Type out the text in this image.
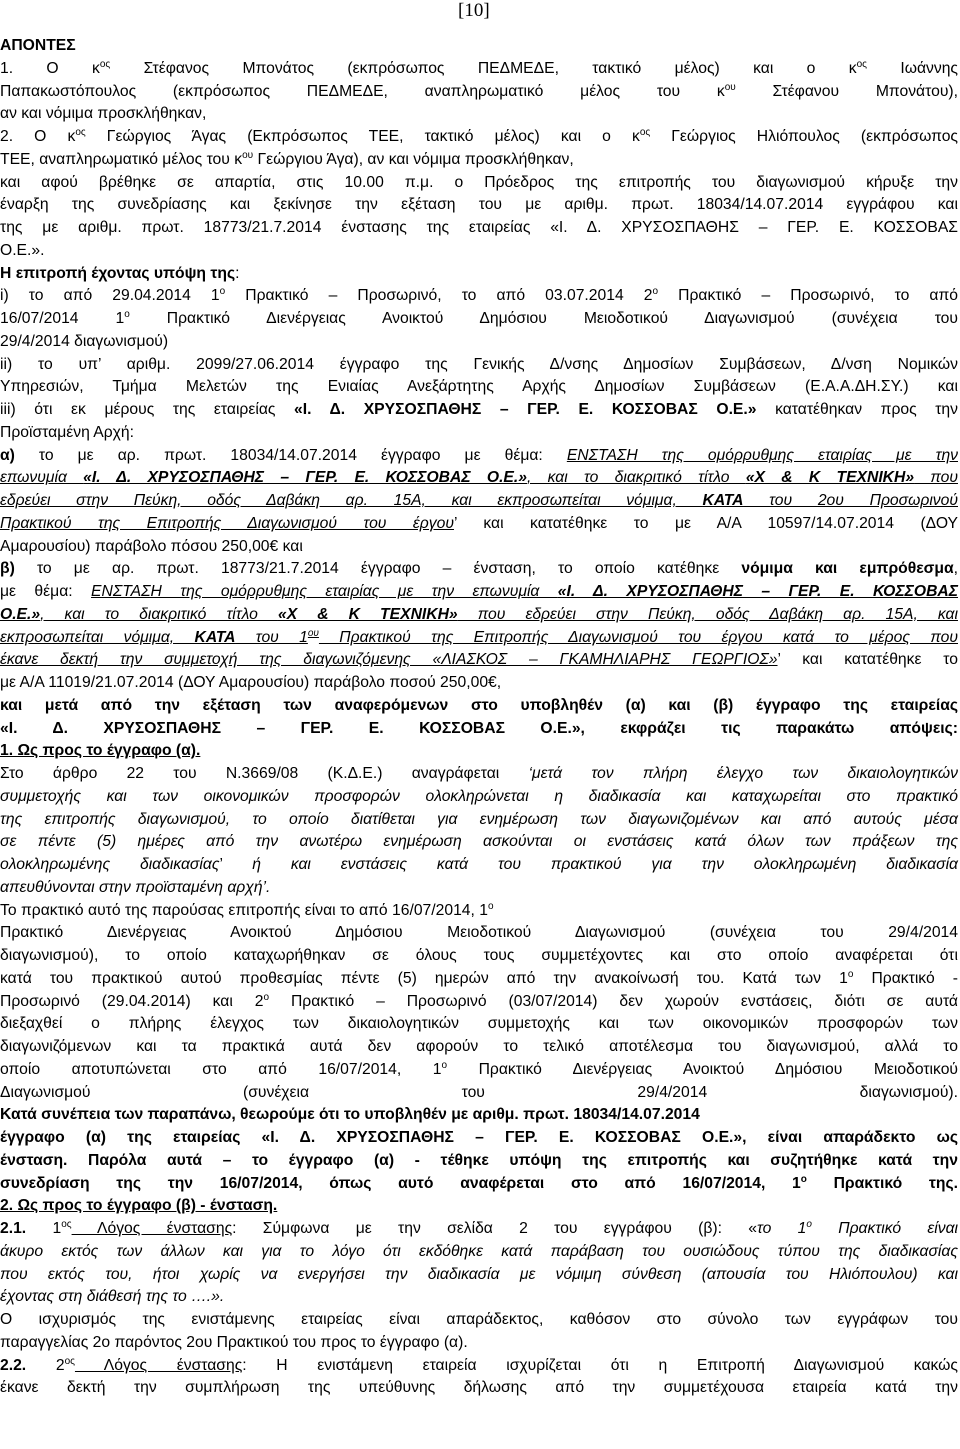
[10]
ΑΠΟΝΤΕΣ
1. Ο $\kappa^{o\varsigma}$ Στέφανος Μπονάτος (εκπρόσωπος ΠΕΔΜΕΔΕ, τακτικό μέλος) και ο $\kappa^{o\varsigma}$ Ιωάννης
Παπακωστόπουλος (εκπρόσωπος ΠΕΔΜΕΔΕ, αναπληρωματικό μέλος του $\kappa^{o\upsilon}$ Στέφανου Μπονάτου),
αν και νόμιμα προσκλήθηκαν,
2. Ο $\kappa^{o\varsigma}$ Γεώργιος Άγας (Εκπρόσωπος ΤΕΕ, τακτικό μέλος) και ο $\kappa^{o\varsigma}$ Γεώργιος Ηλιόπουλος (εκπρόσωπος
ΤΕΕ, αναπληρωματικό μέλος του $\kappa^{o\upsilon}$ Γεώργιου Άγα), αν και νόμιμα προσκλήθηκαν,
και αφού βρέθηκε σε απαρτία, στις 10.00 π.μ. ο Πρόεδρος της επιτροπής του διαγωνισμού κήρυξε την
έναρξη της συνεδρίασης και ξεκίνησε την εξέταση του με αριθμ. πρωτ. 18034/14.07.2014 εγγράφου και
της με αριθμ. πρωτ. 18773/21.7.2014 ένστασης της εταιρείας «Ι. Δ. ΧΡΥΣΟΣΠΑΘΗΣ – ΓΕΡ. Ε. ΚΟΣΣΟΒΑΣ
Ο.Ε.».
Η επιτροπή έχοντας υπόψη της:
i) το από 29.04.2014 $1^o$ Πρακτικό – Προσωρινό, το από 03.07.2014 $2^o$ Πρακτικό – Προσωρινό, το από
16/07/2014 $1^o$ Πρακτικό Διενέργειας Ανοικτού Δημόσιου Μειοδοτικού Διαγωνισμού (συνέχεια του
29/4/2014 διαγωνισμού)
ii) το υπ’ αριθμ. 2099/27.06.2014 έγγραφο της Γενικής Δ/νσης Δημοσίων Συμβάσεων, Δ/νση Νομικών
Υπηρεσιών, Τμήμα Μελετών της Ενιαίας Ανεξάρτητης Αρχής Δημοσίων Συμβάσεων (Ε.Α.Α.ΔΗ.ΣΥ.) και
iii) ότι εκ μέρους της εταιρείας «Ι. Δ. ΧΡΥΣΟΣΠΑΘΗΣ – ΓΕΡ. Ε. ΚΟΣΣΟΒΑΣ Ο.Ε.» κατατέθηκαν προς την
Προϊσταμένη Αρχή:
α) το με αρ. πρωτ. 18034/14.07.2014 έγγραφο με θέμα: ΕΝΣΤΑΣΗ της ομόρρυθμης εταιρίας με την
επωνυμία «Ι. Δ. ΧΡΥΣΟΣΠΑΘΗΣ – ΓΕΡ. Ε. ΚΟΣΣΟΒΑΣ Ο.Ε.», και το διακριτικό τίτλο «Χ & Κ ΤΕΧΝΙΚΗ» που
εδρεύει στην Πεύκη, οδός Δαβάκη αρ. 15Α, και εκπροσωπείται νόμιμα, ΚΑΤΑ του 2ου Προσωρινού
Πρακτικού της Επιτροπής Διαγωνισμού του έργου’ και κατατέθηκε το με Α/Α 10597/14.07.2014 (ΔΟΥ
Αμαρουσίου) παράβολο πόσου 250,00€ και
β) το με αρ. πρωτ. 18773/21.7.2014 έγγραφο – ένσταση, το οποίο κατέθηκε νόμιμα και εμπρόθεσμα,
με θέμα: ΕΝΣΤΑΣΗ της ομόρρυθμης εταιρίας με την επωνυμία «Ι. Δ. ΧΡΥΣΟΣΠΑΘΗΣ – ΓΕΡ. Ε. ΚΟΣΣΟΒΑΣ
Ο.Ε.», και το διακριτικό τίτλο «Χ & Κ ΤΕΧΝΙΚΗ» που εδρεύει στην Πεύκη, οδός Δαβάκη αρ. 15Α, και
εκπροσωπείται νόμιμα, ΚΑΤΑ του $1^{o\upsilon}$ Πρακτικού της Επιτροπής Διαγωνισμού του έργου κατά το μέρος που
έκανε δεκτή την συμμετοχή της διαγωνιζόμενης «ΛΙΑΣΚΟΣ – ΓΚΑΜΗΛΙΑΡΗΣ ΓΕΩΡΓΙΟΣ»’ και κατατέθηκε το
με Α/Α 11019/21.07.2014 (ΔΟΥ Αμαρουσίου) παράβολο ποσού 250,00€,
και μετά από την εξέταση των αναφερόμενων στο υποβληθέν (α) και (β) έγγραφο της εταιρείας
«Ι. Δ. ΧΡΥΣΟΣΠΑΘΗΣ – ΓΕΡ. Ε. ΚΟΣΣΟΒΑΣ Ο.Ε.», εκφράζει τις παρακάτω απόψεις:
1. Ως προς το έγγραφο (α).
Στο άρθρο 22 του Ν.3669/08 (Κ.Δ.Ε.) αναγράφεται ‘μετά τον πλήρη έλεγχο των δικαιολογητικών
συμμετοχής και των οικονομικών προσφορών ολοκληρώνεται η διαδικασία και καταχωρείται στο πρακτικό
της επιτροπής διαγωνισμού, το οποίο διατίθεται για ενημέρωση των διαγωνιζομένων και από αυτούς μέσα
σε πέντε (5) ημέρες από την ανωτέρω ενημέρωση ασκούνται οι ενστάσεις κατά όλων των πράξεων της
ολοκληρωμένης διαδικασίας’ ή και ενστάσεις κατά του πρακτικού για την ολοκληρωμένη διαδικασία
απευθύνονται στην προϊσταμένη αρχή’.
Το πρακτικό αυτό της παρούσας επιτροπής είναι το από 16/07/2014, $1^o$
Πρακτικό Διενέργειας Ανοικτού Δημόσιου Μειοδοτικού Διαγωνισμού (συνέχεια του 29/4/2014
διαγωνισμού), το οποίο καταχωρήθηκαν σε όλους τους συμμετέχοντες και στο οποίο αναφέρεται ότι
κατά του πρακτικού αυτού προθεσμίας πέντε (5) ημερών από την ανακοίνωσή του. Κατά των $1^o$ Πρακτικό -
Προσωρινό (29.04.2014) και $2^o$ Πρακτικό – Προσωρινό (03/07/2014) δεν χωρούν ενστάσεις, διότι σε αυτά
διεξαχθεί ο πλήρης έλεγχος των δικαιολογητικών συμμετοχής και των οικονομικών προσφορών των
διαγωνιζόμενων και τα πρακτικά αυτά δεν αφορούν το τελικό αποτέλεσμα του διαγωνισμού, αλλά το
οποίο αποτυπώνεται στο από 16/07/2014, $1^o$ Πρακτικό Διενέργειας Ανοικτού Δημόσιου Μειοδοτικού
Διαγωνισμού (συνέχεια του 29/4/2014 διαγωνισμού).
Κατά συνέπεια των παραπάνω, θεωρούμε ότι το υποβληθέν με αριθμ. πρωτ. 18034/14.07.2014
έγγραφο (α) της εταιρείας «Ι. Δ. ΧΡΥΣΟΣΠΑΘΗΣ – ΓΕΡ. Ε. ΚΟΣΣΟΒΑΣ Ο.Ε.», είναι απαράδεκτο ως
ένσταση. Παρόλα αυτά – το έγγραφο (α) - τέθηκε υπόψη της επιτροπής και συζητήθηκε κατά την
συνεδρίαση της την 16/07/2014, όπως αυτό αναφέρεται στο από 16/07/2014, $1^o$ Πρακτικό της.
2. Ως προς το έγγραφο (β) - ένσταση.
2.1. $1^{o\varsigma}$ Λόγος ένστασης: Σύμφωνα με την σελίδα 2 του εγγράφου (β): «το $1^o$ Πρακτικό είναι
άκυρο εκτός των άλλων και για το λόγο ότι εκδόθηκε κατά παράβαση του ουσιώδους τύπου της διαδικασίας
που εκτός του, ήτοι χωρίς να ενεργήσει την διαδικασία με νόμιμη σύνθεση (απουσία του Ηλιόπουλου) και
έχοντας στη διάθεσή της το ….».
Ο ισχυρισμός της ενιστάμενης εταιρείας είναι απαράδεκτος, καθόσον στο σύνολο των εγγράφων του
παραγγελίας 2ο παρόντος 2ου Πρακτικού του προς το έγγραφο (α).
2.2. $2^{o\varsigma}$ Λόγος ένστασης: Η ενιστάμενη εταιρεία ισχυρίζεται ότι η Επιτροπή Διαγωνισμού κακώς
έκανε δεκτή την συμπλήρωση της υπεύθυνης δήλωσης από την συμμετέχουσα εταιρεία κατά την
